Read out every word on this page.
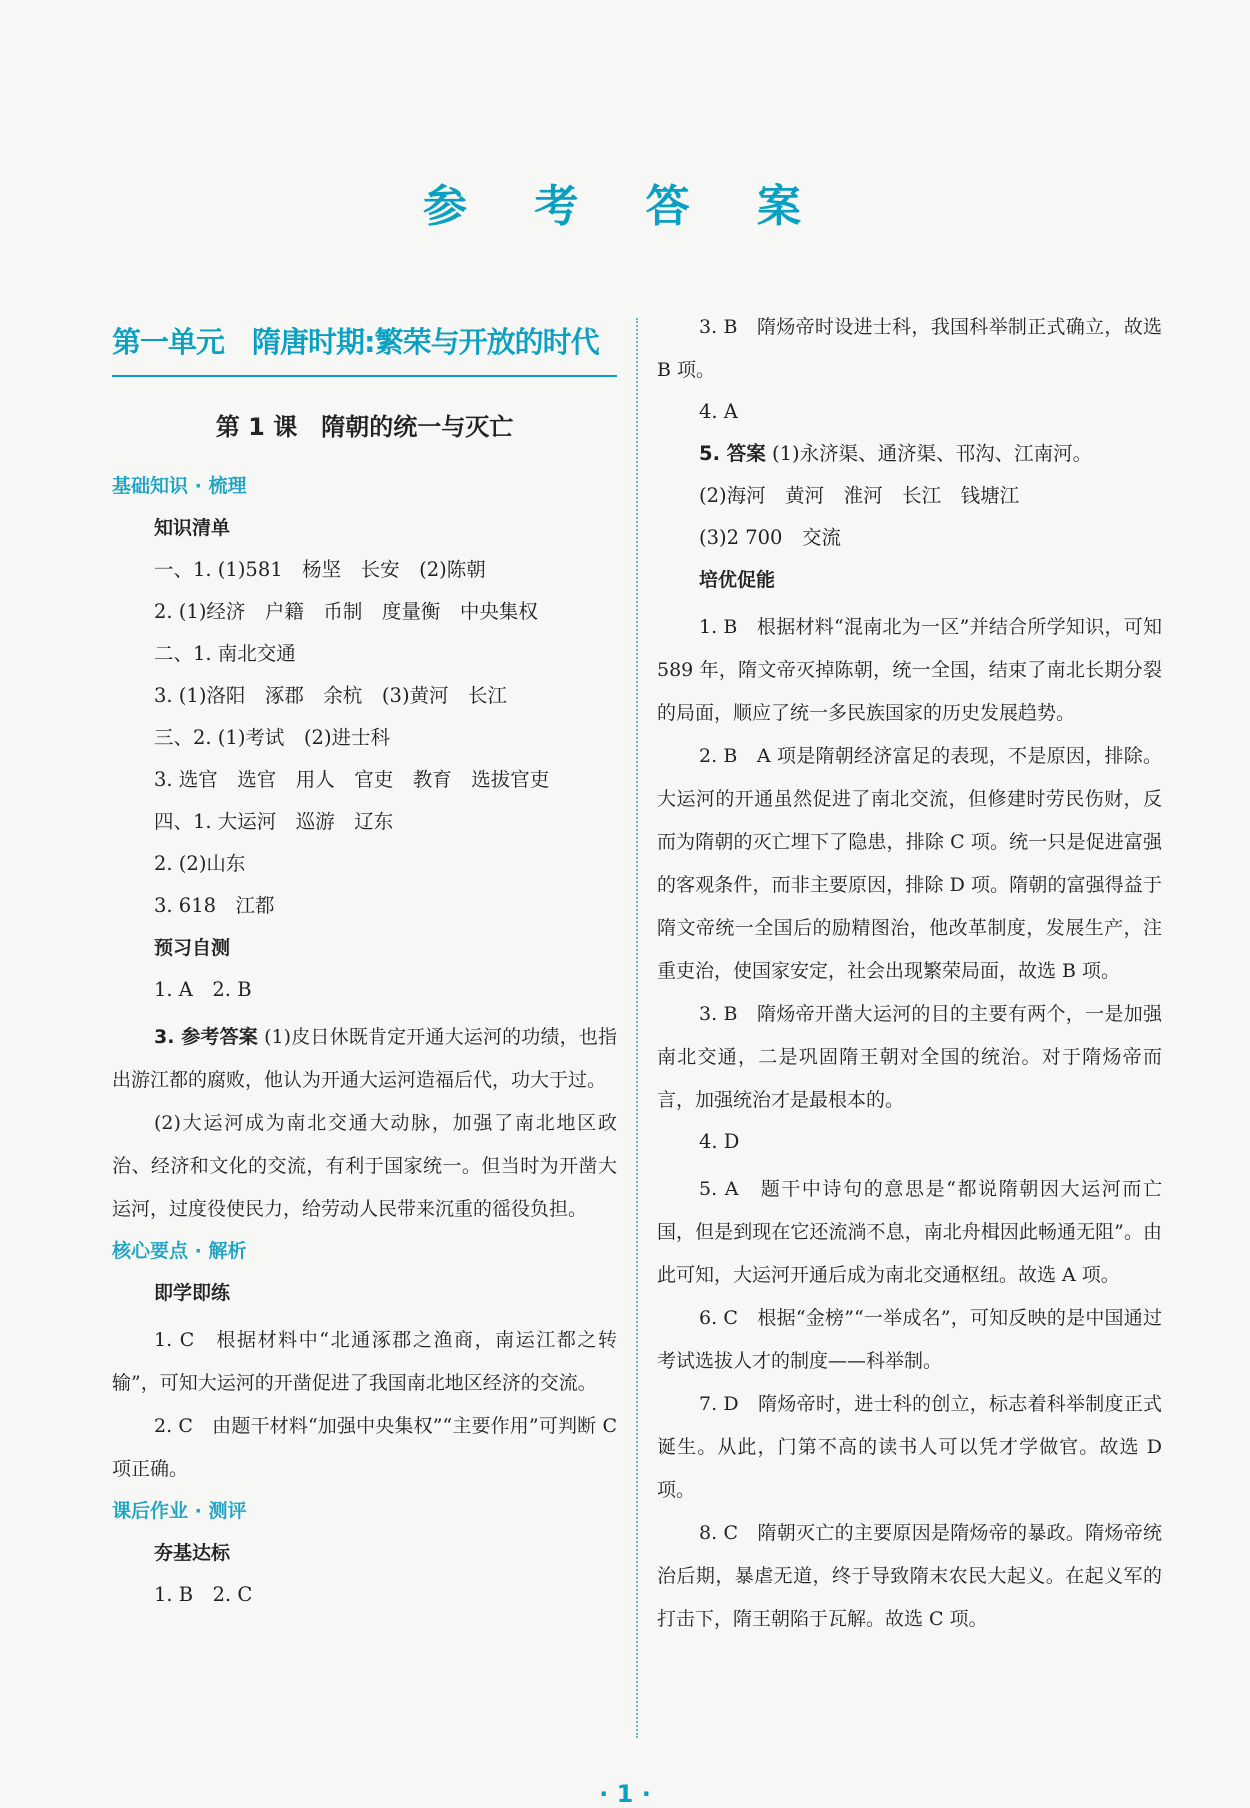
参 考 答 案
第一单元　隋唐时期:繁荣与开放的时代
第 1 课　隋朝的统一与灭亡
基础知识 · 梳理
知识清单
一、1. (1)581　杨坚　长安　(2)陈朝
2. (1)经济　户籍　币制　度量衡　中央集权
二、1. 南北交通
3. (1)洛阳　涿郡　余杭　(3)黄河　长江
三、2. (1)考试　(2)进士科
3. 选官　选官　用人　官吏　教育　选拔官吏
四、1. 大运河　巡游　辽东
2. (2)山东
3. 618　江都
预习自测
1. A　2. B
3. 参考答案 (1)皮日休既肯定开通大运河的功绩，也指出游江都的腐败，他认为开通大运河造福后代，功大于过。
(2)大运河成为南北交通大动脉，加强了南北地区政治、经济和文化的交流，有利于国家统一。但当时为开凿大运河，过度役使民力，给劳动人民带来沉重的徭役负担。
核心要点 · 解析
即学即练
1. C　根据材料中“北通涿郡之渔商，南运江都之转输”，可知大运河的开凿促进了我国南北地区经济的交流。
2. C　由题干材料“加强中央集权”“主要作用”可判断 C 项正确。
课后作业 · 测评
夯基达标
1. B　2. C
3. B　隋炀帝时设进士科，我国科举制正式确立，故选 B 项。
4. A
5. 答案 (1)永济渠、通济渠、邗沟、江南河。
(2)海河　黄河　淮河　长江　钱塘江
(3)2 700　交流
培优促能
1. B　根据材料“混南北为一区”并结合所学知识，可知 589 年，隋文帝灭掉陈朝，统一全国，结束了南北长期分裂的局面，顺应了统一多民族国家的历史发展趋势。
2. B　A 项是隋朝经济富足的表现，不是原因，排除。大运河的开通虽然促进了南北交流，但修建时劳民伤财，反而为隋朝的灭亡埋下了隐患，排除 C 项。统一只是促进富强的客观条件，而非主要原因，排除 D 项。隋朝的富强得益于隋文帝统一全国后的励精图治，他改革制度，发展生产，注重吏治，使国家安定，社会出现繁荣局面，故选 B 项。
3. B　隋炀帝开凿大运河的目的主要有两个，一是加强南北交通，二是巩固隋王朝对全国的统治。对于隋炀帝而言，加强统治才是最根本的。
4. D
5. A　题干中诗句的意思是“都说隋朝因大运河而亡国，但是到现在它还流淌不息，南北舟楫因此畅通无阻”。由此可知，大运河开通后成为南北交通枢纽。故选 A 项。
6. C　根据“金榜”“一举成名”，可知反映的是中国通过考试选拔人才的制度——科举制。
7. D　隋炀帝时，进士科的创立，标志着科举制度正式诞生。从此，门第不高的读书人可以凭才学做官。故选 D 项。
8. C　隋朝灭亡的主要原因是隋炀帝的暴政。隋炀帝统治后期，暴虐无道，终于导致隋末农民大起义。在起义军的打击下，隋王朝陷于瓦解。故选 C 项。
· 1 ·
